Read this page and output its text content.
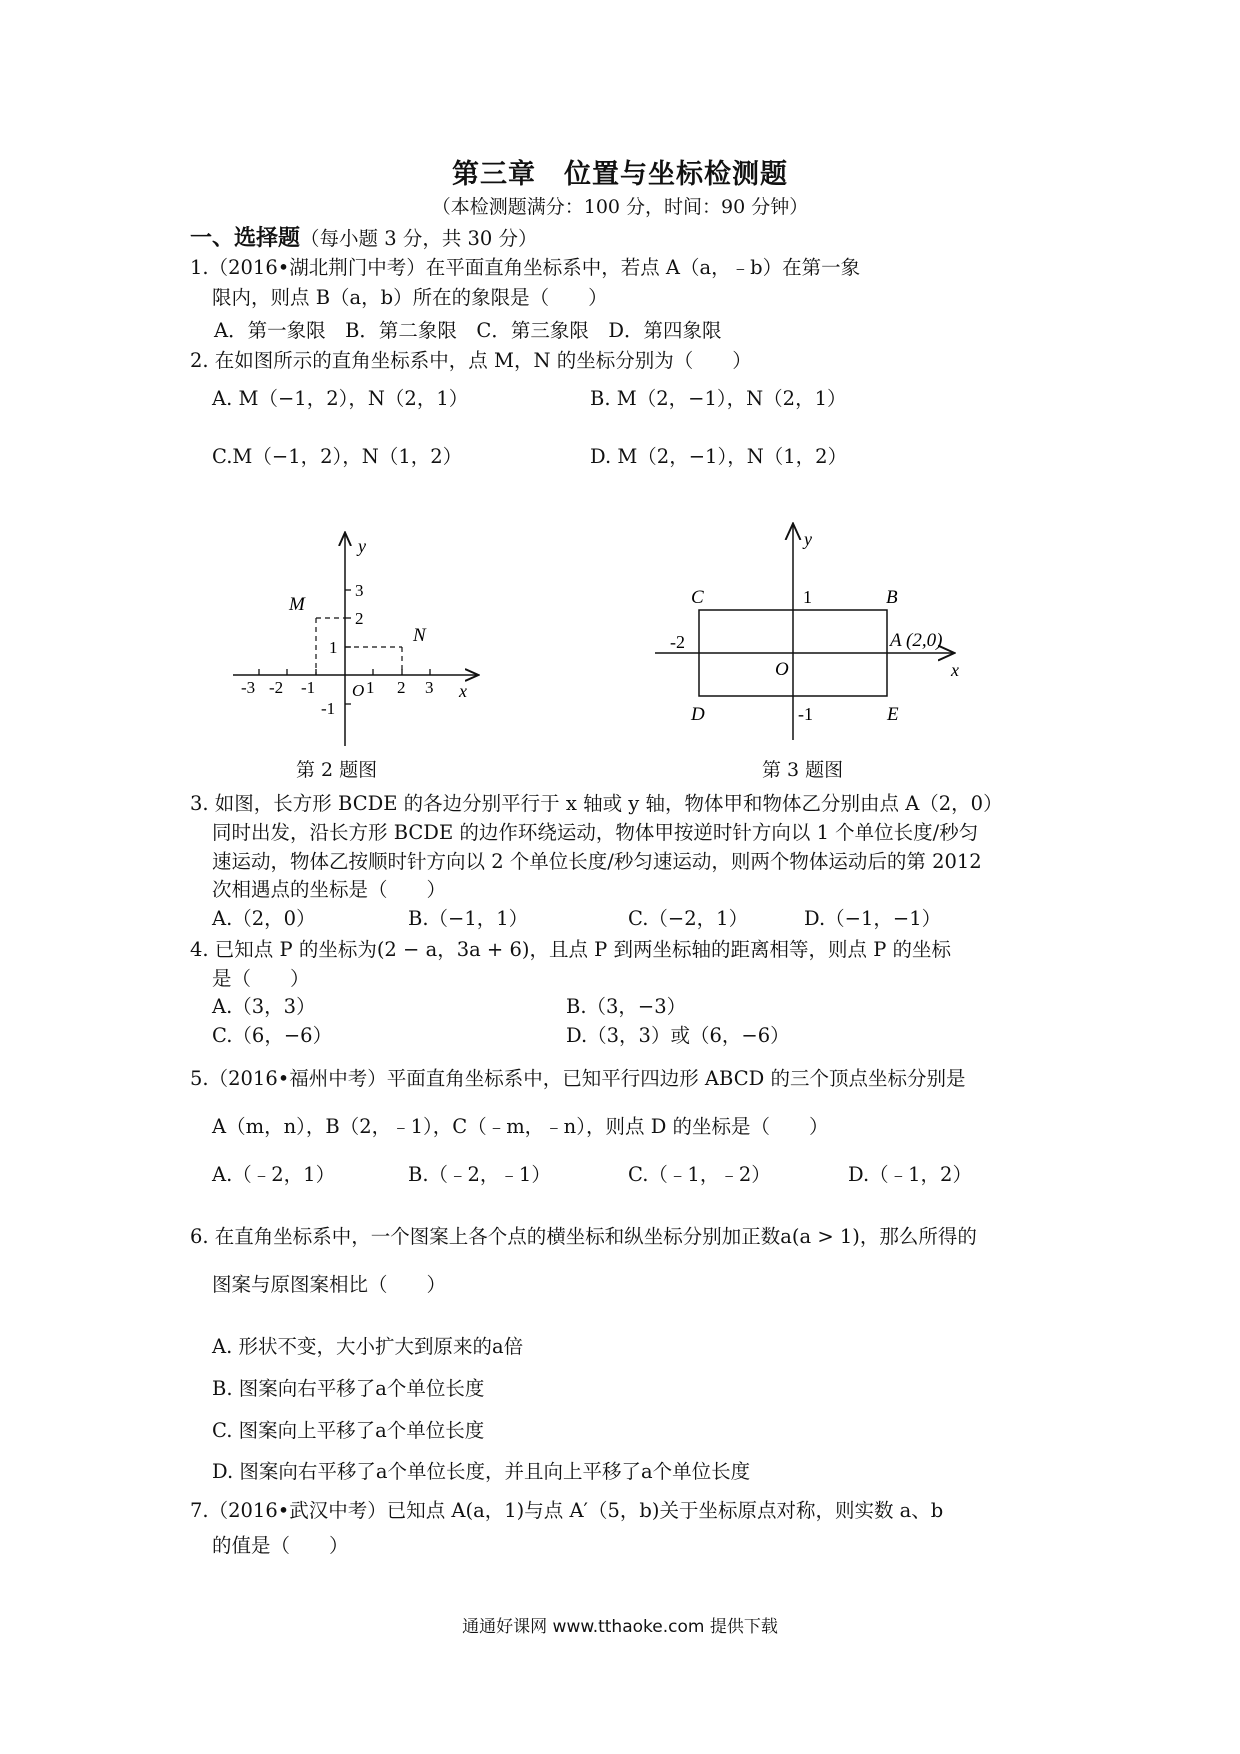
第三章　位置与坐标检测题
（本检测题满分：100 分，时间：90 分钟）
一、选择题（每小题 3 分，共 30 分）
1.（2016•湖北荆门中考）在平面直角坐标系中，若点 A（a，﹣b）在第一象
限内，则点 B（a，b）所在的象限是（　　）
A．第一象限　B．第二象限　C．第三象限　D．第四象限
2. 在如图所示的直角坐标系中，点 M，N 的坐标分别为（　　）
A. M（−1，2），N（2，1）	B. M（2，−1），N（2，1）
C.M（−1，2），N（1，2）	D. M（2，−1），N（1，2）
-3 -2 -1 O 1 2 3 x
y
3
2
1
-1
M
N
第 2 题图
y
x
C	B
D	E
1
-1
-2
O
A (2,0)
第 3 题图
3. 如图，长方形 BCDE 的各边分别平行于 x 轴或 y 轴，物体甲和物体乙分别由点 A（2，0）
同时出发，沿长方形 BCDE 的边作环绕运动，物体甲按逆时针方向以 1 个单位长度/秒匀
速运动，物体乙按顺时针方向以 2 个单位长度/秒匀速运动，则两个物体运动后的第 2012
次相遇点的坐标是（　　）
A.（2，0）	B.（−1，1）	C.（−2，1）	D.（−1，−1）
4. 已知点 P 的坐标为(2 − a，3a + 6)，且点 P 到两坐标轴的距离相等，则点 P 的坐标
是（　　）
A.（3，3）	B.（3，−3）
C.（6，−6）	D.（3，3）或（6，−6）
5.（2016•福州中考）平面直角坐标系中，已知平行四边形 ABCD 的三个顶点坐标分别是
A（m，n），B（2，﹣1），C（﹣m，﹣n），则点 D 的坐标是（　　）
A.（﹣2，1）	B.（﹣2，﹣1）	C.（﹣1，﹣2）	D.（﹣1，2）
6. 在直角坐标系中，一个图案上各个点的横坐标和纵坐标分别加正数a(a > 1)，那么所得的
图案与原图案相比（　　）
A. 形状不变，大小扩大到原来的a倍
B. 图案向右平移了a个单位长度
C. 图案向上平移了a个单位长度
D. 图案向右平移了a个单位长度，并且向上平移了a个单位长度
7.（2016•武汉中考）已知点 A(a，1)与点 A′（5，b)关于坐标原点对称，则实数 a、b
的值是（　　）
通通好课网 www.tthaoke.com 提供下载
